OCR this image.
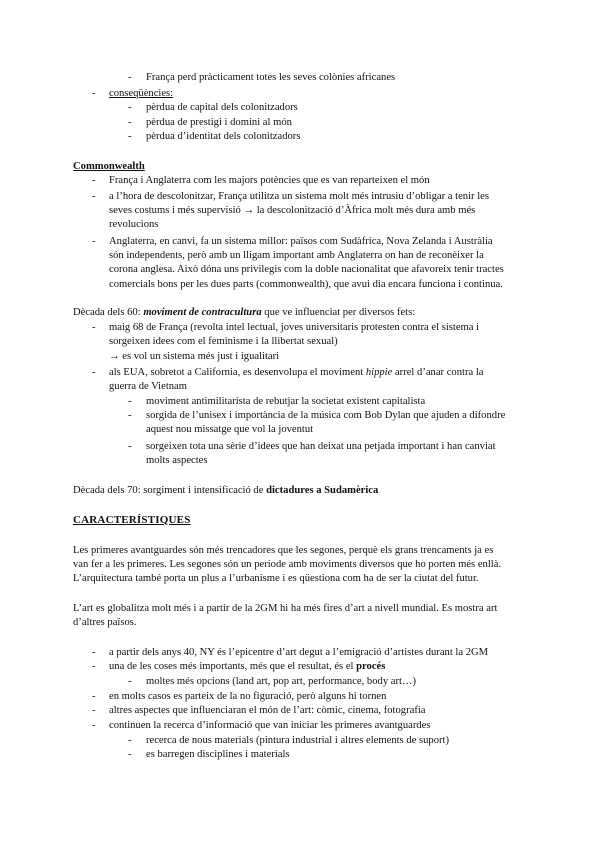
- França perd pràcticament totes les seves colònies africanes
- conseqüències:
- pèrdua de capital dels colonitzadors
- pèrdua de prestigi i domini al món
- pèrdua d’identitat dels colonitzadors
Commonwealth
- França i Anglaterra com les majors potències que es van reparteixen el món
- a l’hora de descolonitzar, França utilitza un sistema molt més intrusiu d’obligar a tenir les
seves costums i més supervisió → la descolonització d’Àfrica molt més dura amb més
revolucions
- Anglaterra, en canvi, fa un sistema millor: països com Sudàfrica, Nova Zelanda i Austràlia
són independents, però amb un lligam important amb Anglaterra on han de reconèixer la
corona anglesa. Això dóna uns privilegis com la doble nacionalitat que afavoreix tenir tractes
comercials bons per les dues parts (commonwealth), que avui dia encara funciona i continua.
Dècada dels 60: moviment de contracultura que ve influenciat per diversos fets:
- maig 68 de França (revolta intel lectual, joves universitaris protesten contra el sistema i
sorgeixen idees com el feminisme i la llibertat sexual)
→ es vol un sistema més just i igualitari
- als EUA, sobretot a California, es desenvolupa el moviment hippie arrel d’anar contra la
guerra de Vietnam
- moviment antimilitarista de rebutjar la societat existent capitalista
- sorgida de l’unisex i importància de la música com Bob Dylan que ajuden a difondre
aquest nou missatge que vol la joventut
- sorgeixen tota una sèrie d’idees que han deixat una petjada important i han canviat
molts aspectes
Dècada dels 70: sorgiment i intensificació de dictadures a Sudamèrica
CARACTERÍSTIQUES
Les primeres avantguardes són més trencadores que les segones, perquè els grans trencaments ja es
van fer a les primeres. Les segones són un període amb moviments diversos que ho porten més enllà.
L’arquitectura també porta un plus a l’urbanisme i es qüestiona com ha de ser la ciutat del futur.
L’art es globalitza molt més i a partir de la 2GM hi ha més fires d’art a nivell mundial. Es mostra art
d’altres països.
- a partir dels anys 40, NY és l’epicentre d’art degut a l’emigració d’artistes durant la 2GM
- una de les coses més importants, més que el resultat, és el procés
- moltes més opcions (land art, pop art, performance, body art…)
- en molts casos es parteix de la no figuració, però alguns hi tornen
- altres aspectes que influenciaran el món de l’art: còmic, cinema, fotografia
- continuen la recerca d’informació que van iniciar les primeres avantguardes
- recerca de nous materials (pintura industrial i altres elements de suport)
- es barregen disciplines i materials
